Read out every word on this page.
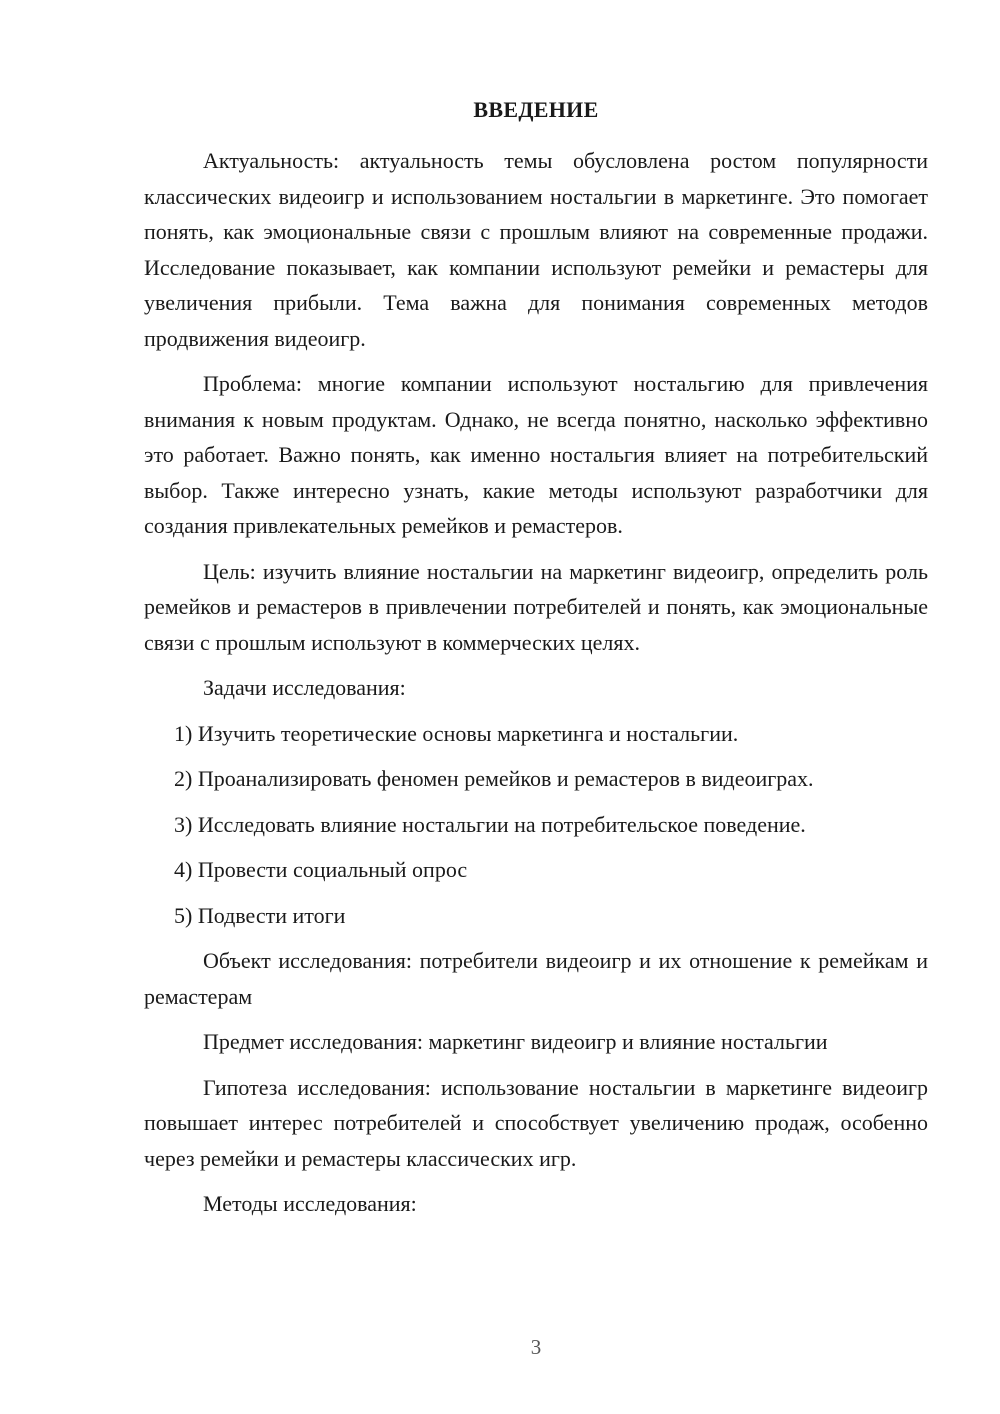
ВВЕДЕНИЕ

Актуальность: актуальность темы обусловлена ростом популярности классических видеоигр и использованием ностальгии в маркетинге. Это помогает понять, как эмоциональные связи с прошлым влияют на современные продажи. Исследование показывает, как компании используют ремейки и ремастеры для увеличения прибыли. Тема важна для понимания современных методов продвижения видеоигр.

Проблема: многие компании используют ностальгию для привлечения внимания к новым продуктам. Однако, не всегда понятно, насколько эффективно это работает. Важно понять, как именно ностальгия влияет на потребительский выбор. Также интересно узнать, какие методы используют разработчики для создания привлекательных ремейков и ремастеров.

Цель: изучить влияние ностальгии на маркетинг видеоигр, определить роль ремейков и ремастеров в привлечении потребителей и понять, как эмоциональные связи с прошлым используют в коммерческих целях.

Задачи исследования:

1) Изучить теоретические основы маркетинга и ностальгии.
2) Проанализировать феномен ремейков и ремастеров в видеоиграх.
3) Исследовать влияние ностальгии на потребительское поведение.
4) Провести социальный опрос
5) Подвести итоги

Объект исследования: потребители видеоигр и их отношение к ремейкам и ремастерам

Предмет исследования: маркетинг видеоигр и влияние ностальгии

Гипотеза исследования: использование ностальгии в маркетинге видеоигр повышает интерес потребителей и способствует увеличению продаж, особенно через ремейки и ремастеры классических игр.

Методы исследования:

3
